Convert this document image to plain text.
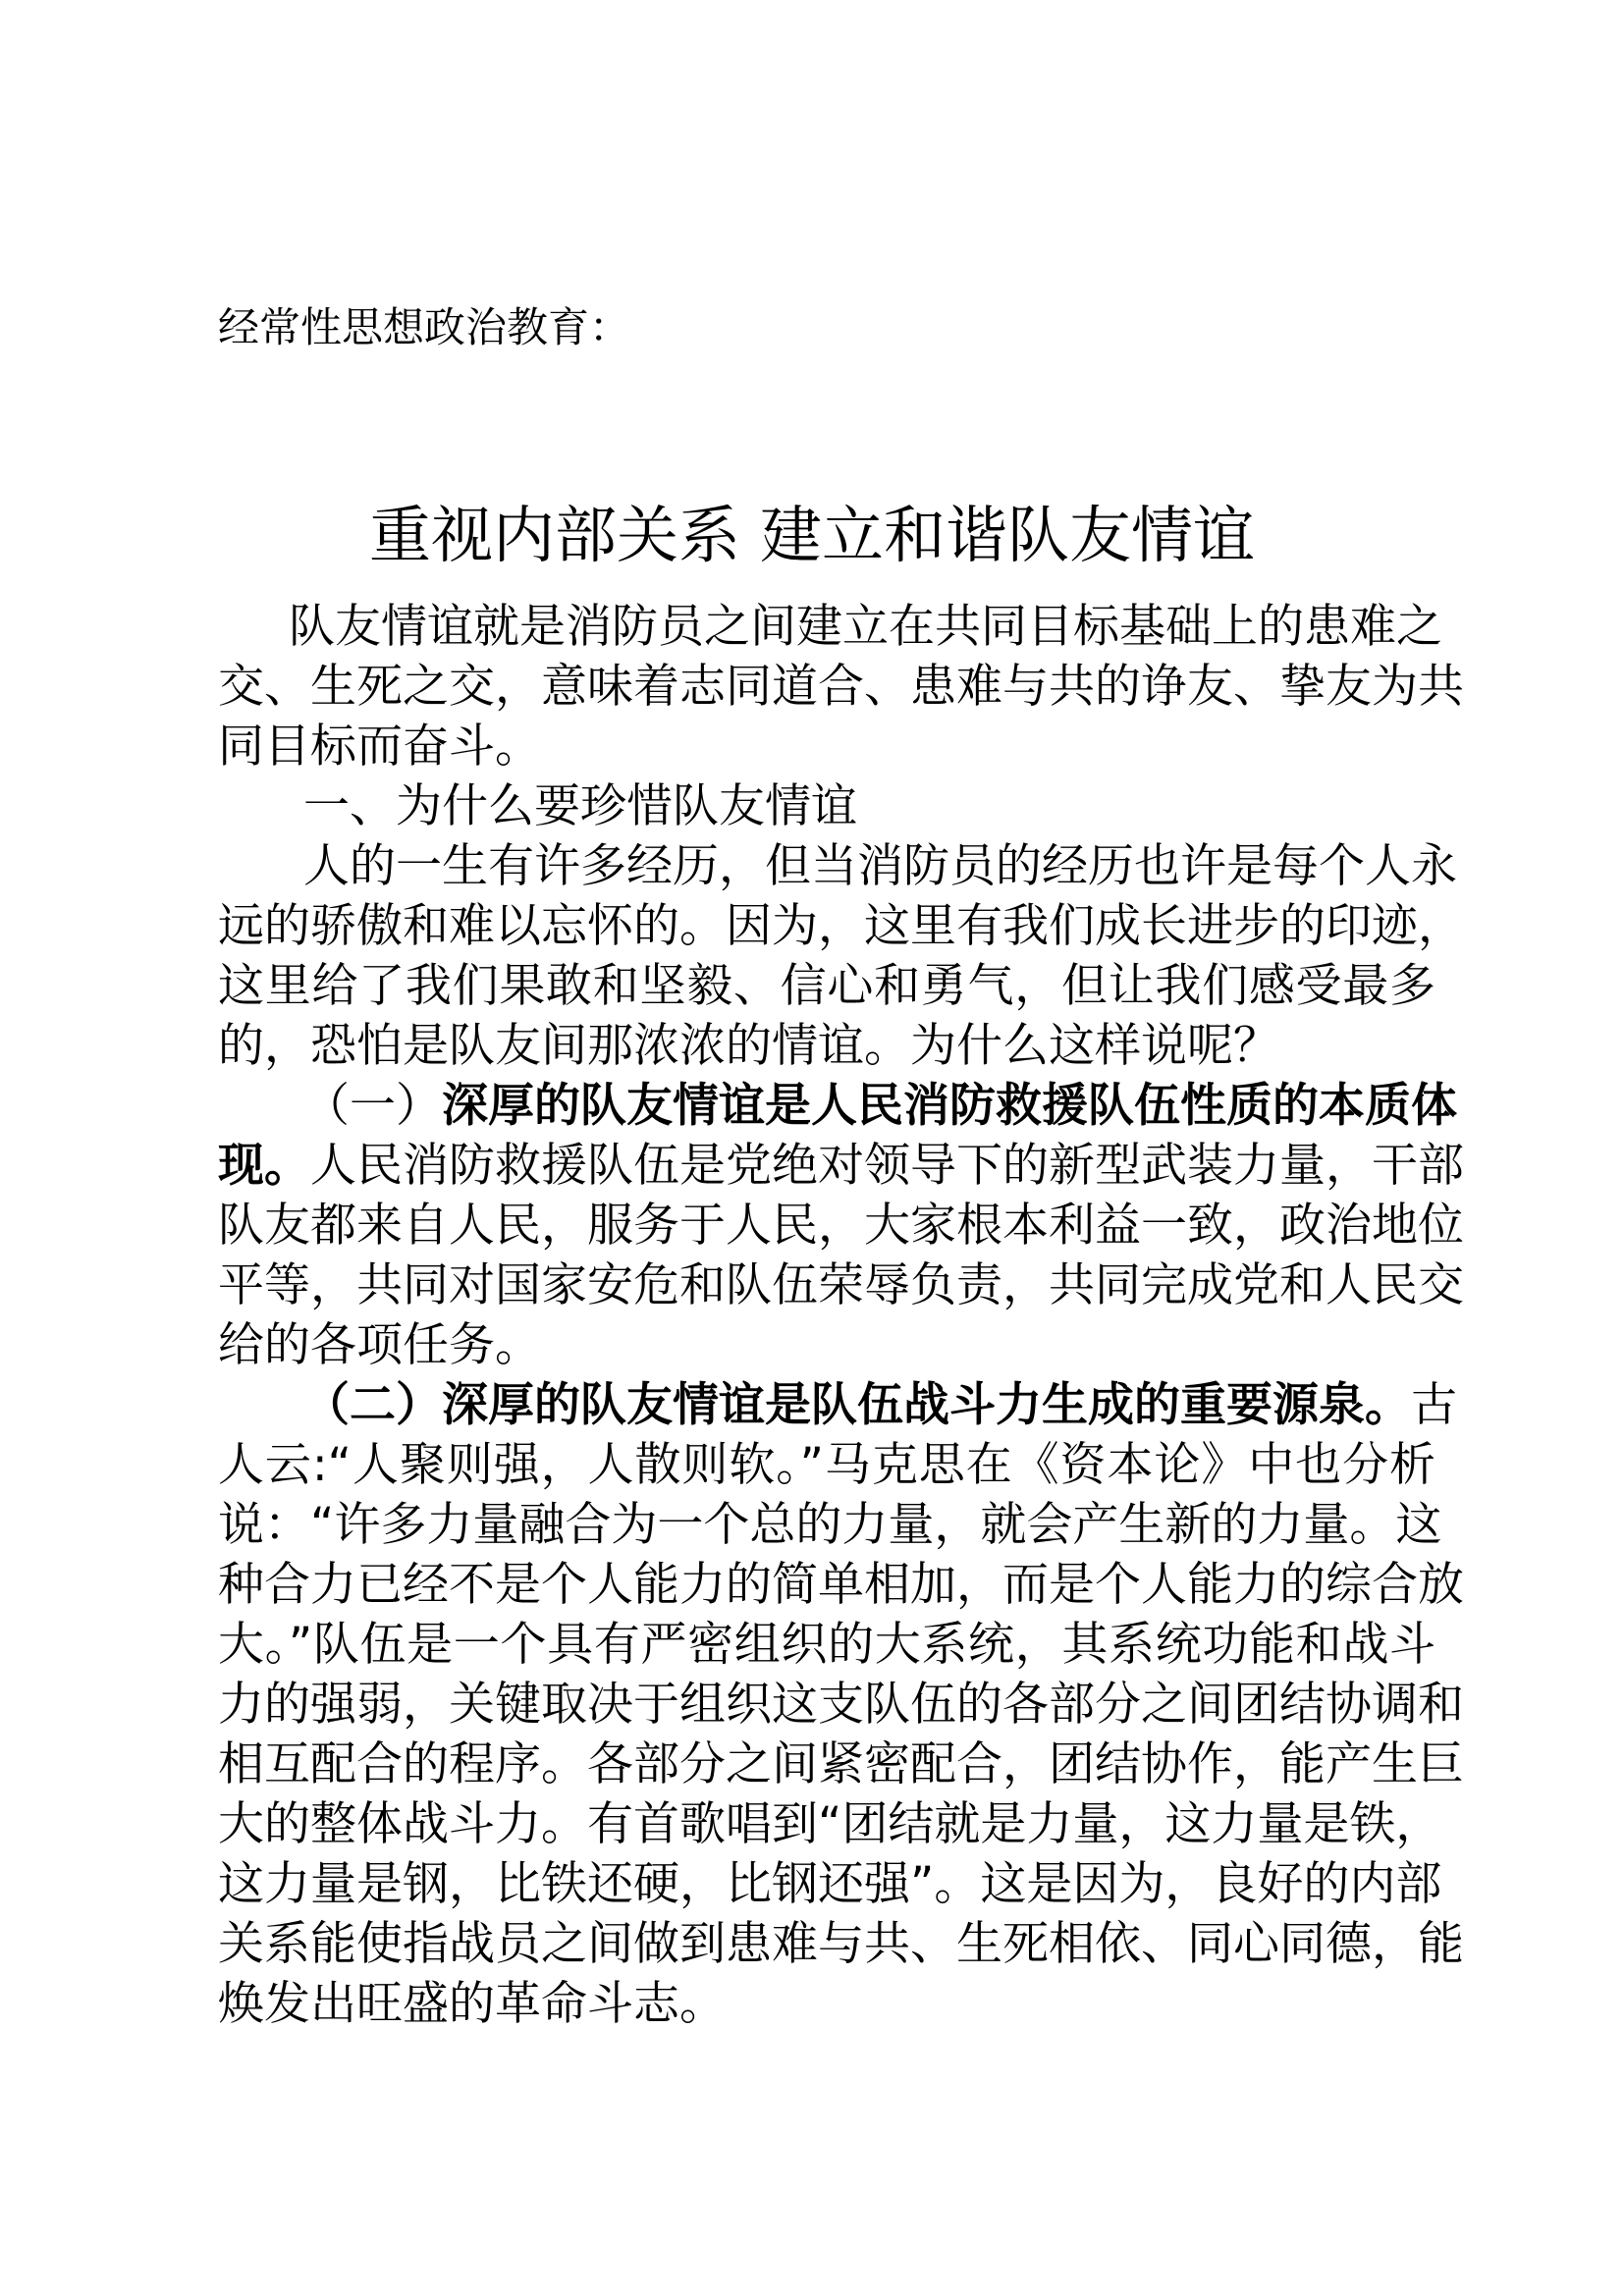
经常性思想政治教育：
重视内部关系 建立和谐队友情谊
队友情谊就是消防员之间建立在共同目标基础上的患难之
交、生死之交，意味着志同道合、患难与共的诤友、挚友为共
同目标而奋斗。
一、为什么要珍惜队友情谊
人的一生有许多经历，但当消防员的经历也许是每个人永
远的骄傲和难以忘怀的。因为，这里有我们成长进步的印迹，
这里给了我们果敢和坚毅、信心和勇气，但让我们感受最多
的，恐怕是队友间那浓浓的情谊。为什么这样说呢？
（一）深厚的队友情谊是人民消防救援队伍性质的本质体
现。人民消防救援队伍是党绝对领导下的新型武装力量，干部
队友都来自人民，服务于人民，大家根本利益一致，政治地位
平等，共同对国家安危和队伍荣辱负责，共同完成党和人民交
给的各项任务。
（二）深厚的队友情谊是队伍战斗力生成的重要源泉。古
人云:“人聚则强，人散则软。”马克思在《资本论》中也分析
说：“许多力量融合为一个总的力量，就会产生新的力量。这
种合力已经不是个人能力的简单相加，而是个人能力的综合放
大。”队伍是一个具有严密组织的大系统，其系统功能和战斗
力的强弱，关键取决于组织这支队伍的各部分之间团结协调和
相互配合的程序。各部分之间紧密配合，团结协作，能产生巨
大的整体战斗力。有首歌唱到“团结就是力量，这力量是铁，
这力量是钢，比铁还硬，比钢还强”。这是因为，良好的内部
关系能使指战员之间做到患难与共、生死相依、同心同德，能
焕发出旺盛的革命斗志。
